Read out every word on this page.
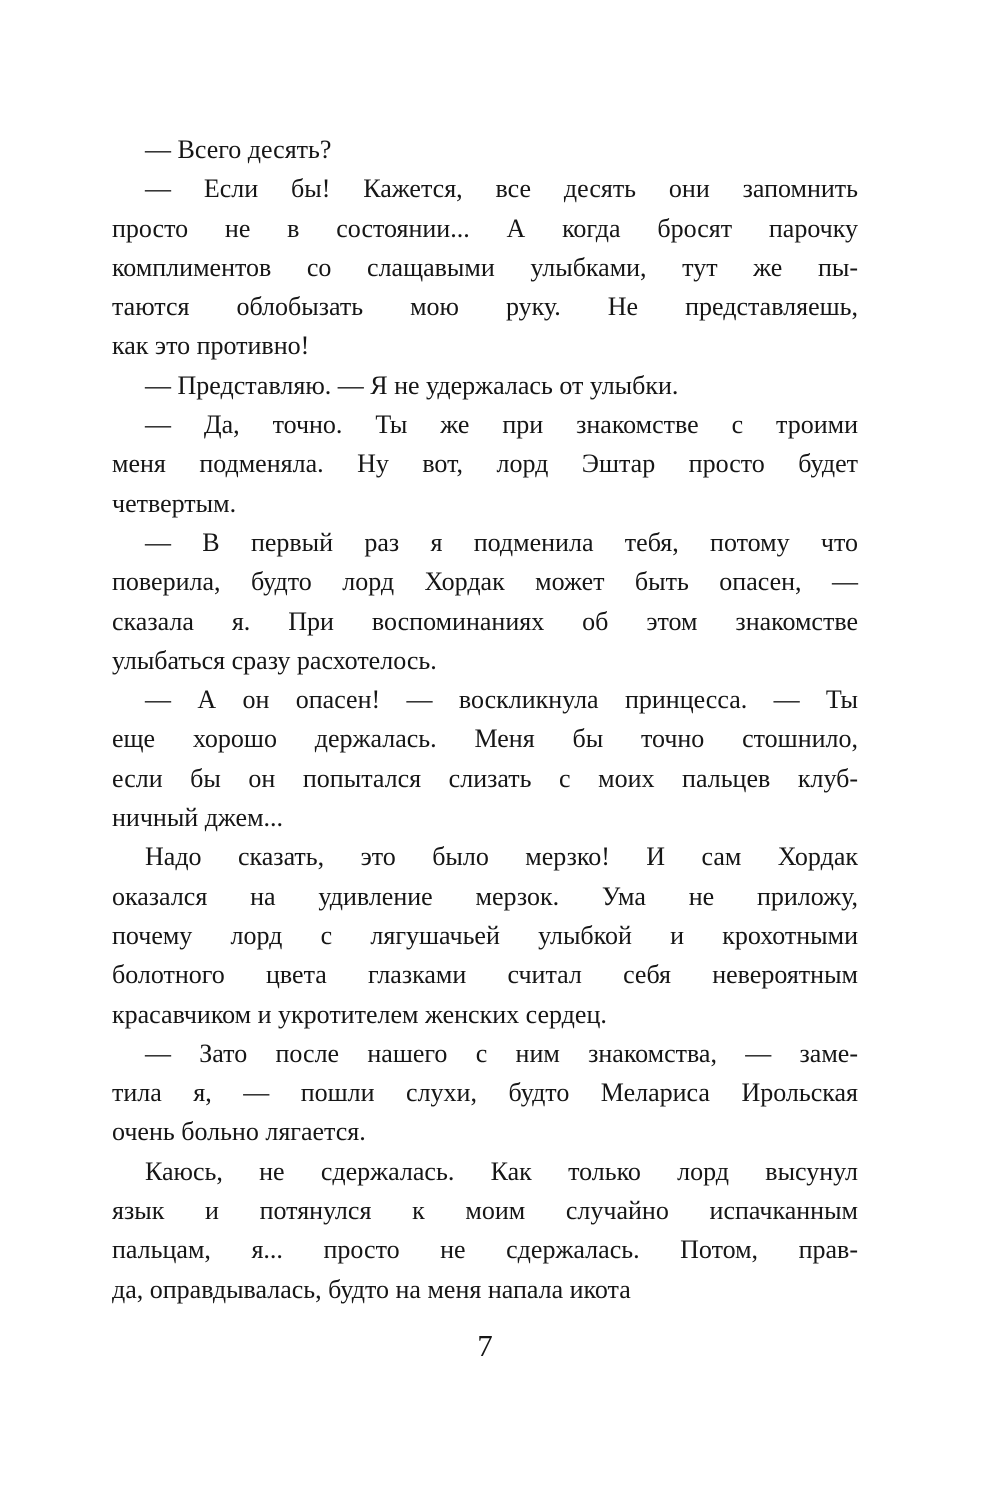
— Всего десять?
— Если бы! Кажется, все десять они запомнить
просто не в состоянии... А когда бросят парочку
комплиментов со слащавыми улыбками, тут же пы-
таются облобызать мою руку. Не представляешь,
как это противно!
— Представляю. — Я не удержалась от улыбки.
— Да, точно. Ты же при знакомстве с троими
меня подменяла. Ну вот, лорд Эштар просто будет
четвертым.
— В первый раз я подменила тебя, потому что
поверила, будто лорд Хордак может быть опасен, —
сказала я. При воспоминаниях об этом знакомстве
улыбаться сразу расхотелось.
— А он опасен! — воскликнула принцесса. — Ты
еще хорошо держалась. Меня бы точно стошнило,
если бы он попытался слизать с моих пальцев клуб-
ничный джем...
Надо сказать, это было мерзко! И сам Хордак
оказался на удивление мерзок. Ума не приложу,
почему лорд с лягушачьей улыбкой и крохотными
болотного цвета глазками считал себя невероятным
красавчиком и укротителем женских сердец.
— Зато после нашего с ним знакомства, — заме-
тила я, — пошли слухи, будто Мелариса Ирольская
очень больно лягается.
Каюсь, не сдержалась. Как только лорд высунул
язык и потянулся к моим случайно испачканным
пальцам, я... просто не сдержалась. Потом, прав-
да, оправдывалась, будто на меня напала икота
7
